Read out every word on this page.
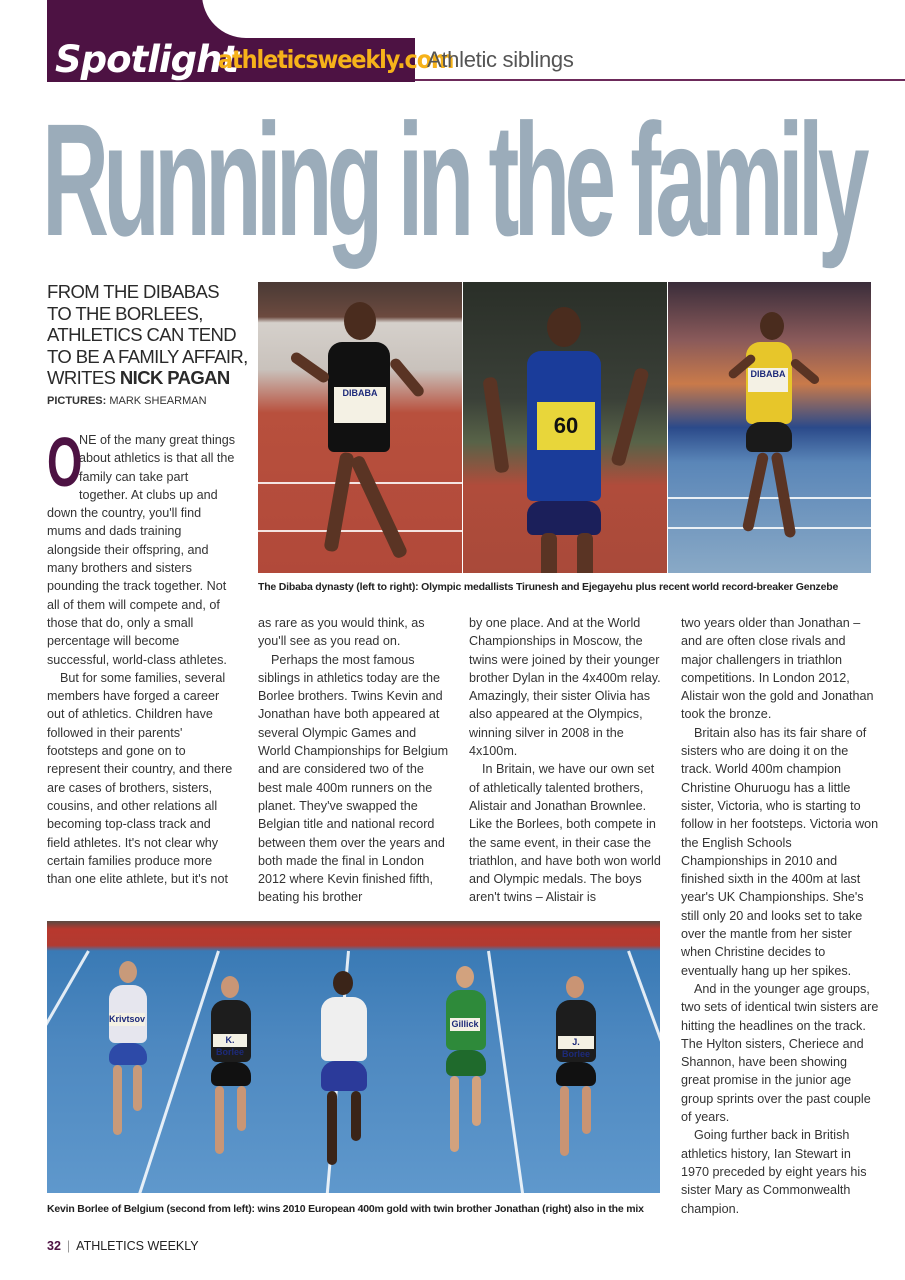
Spotlight
athleticsweekly.com
Athletic siblings
Running in the family
FROM THE DIBABAS
TO THE BORLEES,
ATHLETICS CAN TEND
TO BE A FAMILY AFFAIR,
WRITES NICK PAGAN
PICTURES: MARK SHEARMAN

O
NE of the many great things about athletics is that all the family can take part together. At clubs up and down the country, you'll find mums and dads training alongside their offspring, and many brothers and sisters pounding the track together. Not all of them will compete and, of those that do, only a small percentage will become successful, world-class athletes.

But for some families, several members have forged a career out of athletics. Children have followed in their parents' footsteps and gone on to represent their country, and there are cases of brothers, sisters, cousins, and other relations all becoming top-class track and field athletes. It's not clear why certain families produce more than one elite athlete, but it's not

DIBABA
60
DIBABA
The Dibaba dynasty (left to right): Olympic medallists Tirunesh and Ejegayehu plus recent world record-breaker Genzebe

as rare as you would think, as you'll see as you read on.

Perhaps the most famous siblings in athletics today are the Borlee brothers. Twins Kevin and Jonathan have both appeared at several Olympic Games and World Championships for Belgium and are considered two of the best male 400m runners on the planet. They've swapped the Belgian title and national record between them over the years and both made the final in London 2012 where Kevin finished fifth, beating his brother

by one place. And at the World Championships in Moscow, the twins were joined by their younger brother Dylan in the 4x400m relay. Amazingly, their sister Olivia has also appeared at the Olympics, winning silver in 2008 in the 4x100m.

In Britain, we have our own set of athletically talented brothers, Alistair and Jonathan Brownlee. Like the Borlees, both compete in the same event, in their case the triathlon, and have both won world and Olympic medals. The boys aren't twins – Alistair is

two years older than Jonathan – and are often close rivals and major challengers in triathlon competitions. In London 2012, Alistair won the gold and Jonathan took the bronze.

Britain also has its fair share of sisters who are doing it on the track. World 400m champion Christine Ohuruogu has a little sister, Victoria, who is starting to follow in her footsteps. Victoria won the English Schools Championships in 2010 and finished sixth in the 400m at last year's UK Championships. She's still only 20 and looks set to take over the mantle from her sister when Christine decides to eventually hang up her spikes.

And in the younger age groups, two sets of identical twin sisters are hitting the headlines on the track. The Hylton sisters, Cheriece and Shannon, have been showing great promise in the junior age group sprints over the past couple of years.

Going further back in British athletics history, Ian Stewart in 1970 preceded by eight years his sister Mary as Commonwealth champion.

Krivtsov
K. Borlee
Gillick
J. Borlee
Kevin Borlee of Belgium (second from left): wins 2010 European 400m gold with twin brother Jonathan (right) also in the mix
32 | ATHLETICS WEEKLY
